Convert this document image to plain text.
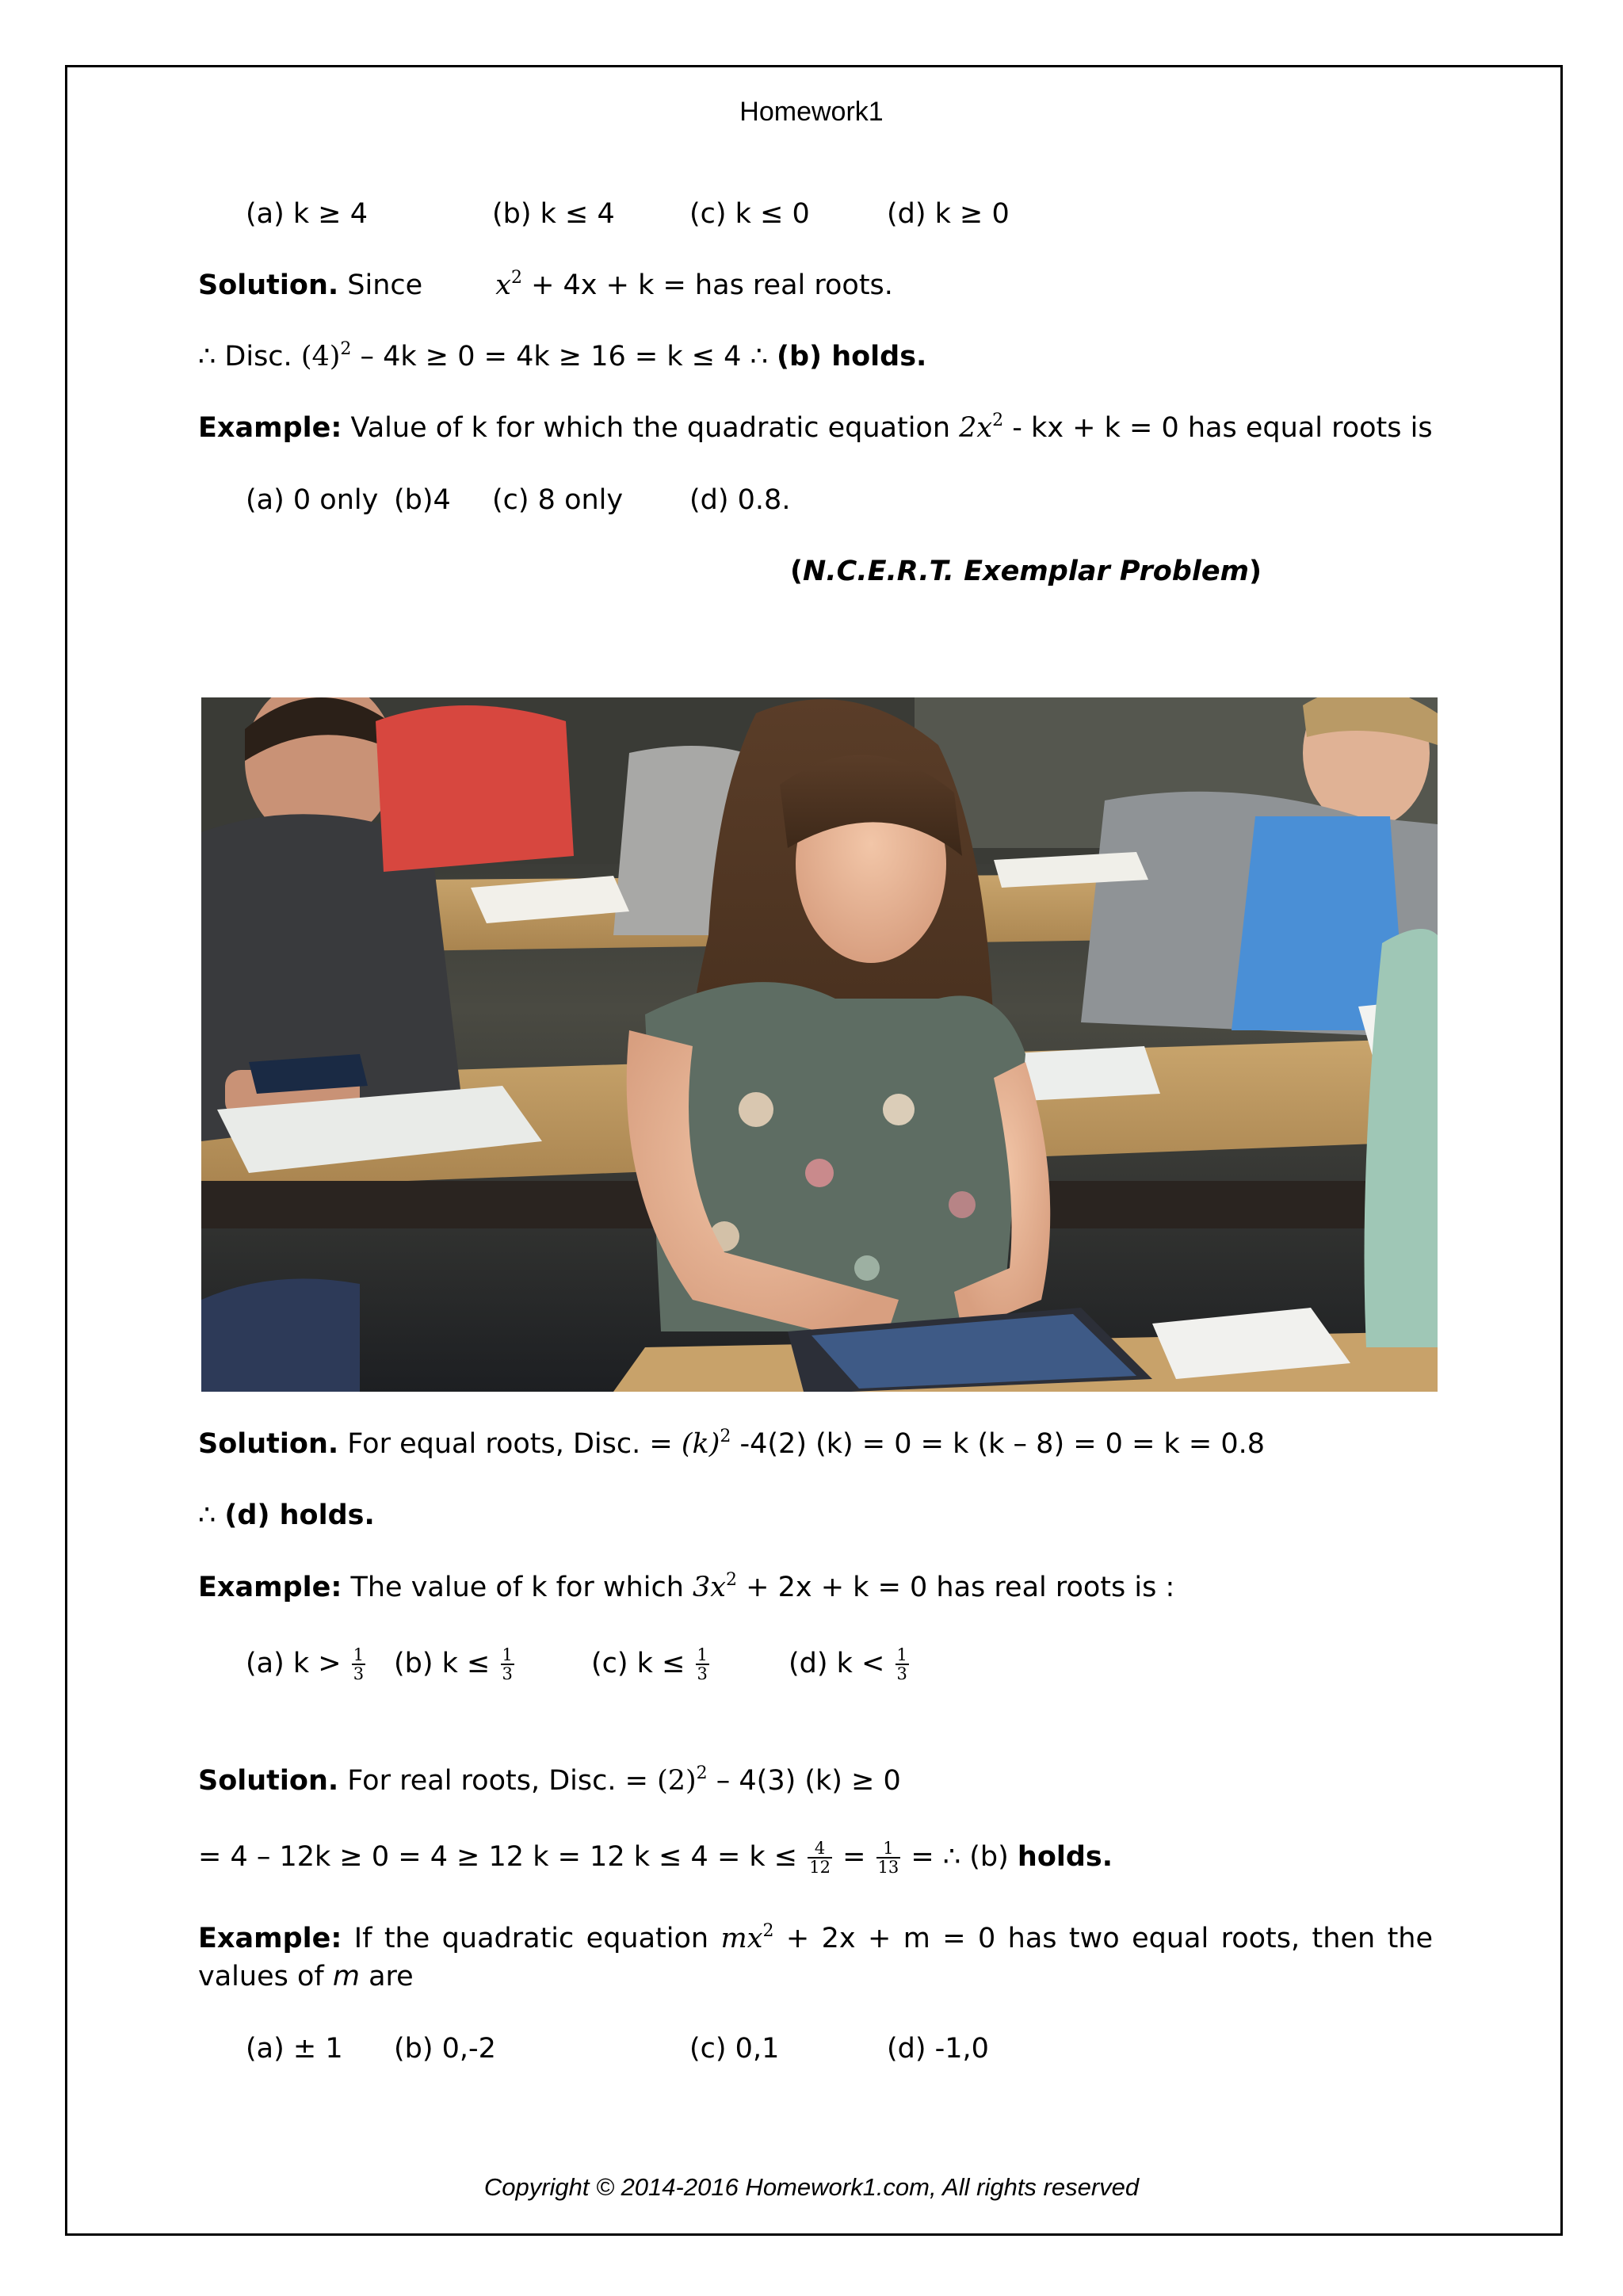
Homework1
(a) k ≥ 4	(b) k ≤ 4	(c) k ≤ 0	(d) k ≥ 0
Solution. Since	$x^2 + 4x + k$ = has real roots.
∴ Disc. $(4)^2 - 4k \ge 0 = 4k \ge 16 = k \le 4$ ∴ (b) holds.
Example: Value of k for which the quadratic equation $2x^2$ - kx + k = 0 has equal roots is
(a) 0 only (b)4 (c) 8 only (d) 0.8.
(N.C.E.R.T. Exemplar Problem)
Solution. For equal roots, Disc. = $(k)^2$ -4(2) (k) = 0 = k (k – 8) = 0 = k = 0.8
∴ (d) holds.
Example: The value of k for which $3x^2 + 2x + k = 0$ has real roots is :
(a) $k > \frac{1}{3} (b) k \le \frac{1}{3}$	(c) $k \le \frac{1}{3}$	(d) $k < \frac{1}{3}$
Solution. For real roots, Disc. = $(2)^2 - 4(3) (k) \ge 0$
= 4 – 12k ≥ 0 = 4 ≥ 12 k = 12 $k \le 4 = k \le \frac{4}{12} = \frac{1}{13}$ = ∴ (b) holds.
Example: If the quadratic equation $mx^2 + 2x + m = 0$ has two equal roots, then the
values of m are
(a) ± 1 (b) 0,-2	(c) 0,1	(d) -1,0
Copyright © 2014-2016 Homework1.com, All rights reserved
